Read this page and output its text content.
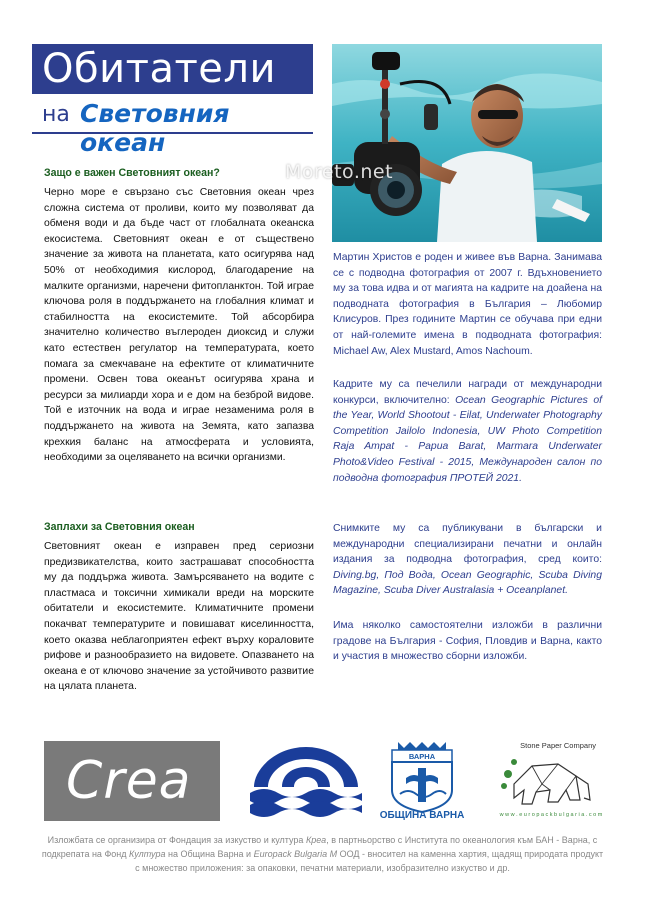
Обитатели
на Световния океан
Moreto.net
Защо е важен Световният океан?

Черно море е свързано със Световния океан чрез сложна система от проливи, които му позволяват да обменя води и да бъде част от глобалната океанска екосистема. Световният океан е от съществено значение за живота на планетата, като осигурява над 50% от необходимия кислород, благодарение на малките организми, наречени фитопланктон. Той играе ключова роля в поддържането на глобалния климат и стабилността на екосистемите. Той абсорбира значително количество въглероден диоксид и служи като естествен регулатор на температурата, което помага за смекчаване на ефектите от климатичните промени. Освен това океанът осигурява храна и ресурси за милиарди хора и е дом на безброй видове. Той е източник на вода и играе незаменима роля в поддържането на живота на Земята, като запазва крехкия баланс на атмосферата и условията, необходими за оцеляването на всички организми.

Заплахи за Световния океан

Световният океан е изправен пред сериозни предизвикателства, които застрашават способността му да поддържа живота. Замърсяването на водите с пластмаса и токсични химикали вреди на морските обитатели и екосистемите. Климатичните промени покачват температурите и повишават киселинността, което оказва неблагоприятен ефект върху кораловите рифове и разнообразието на видовете. Опазването на океана е от ключово значение за устойчивото развитие на цялата планета.

Мартин Христов е роден и живее във Варна. Занимава се с подводна фотография от 2007 г. Вдъхновението му за това идва и от магията на кадрите на доайена на подводната фотография в България – Любомир Клисуров. През годините Мартин се обучава при едни от най-големите имена в подводната фотография: Michael Aw, Alex Mustard, Amos Nachoum.

Кадрите му са печелили награди от международни конкурси, включително: Ocean Geographic Pictures of the Year, World Shootout - Eilat, Underwater Photography Competition Jailolo Indonesia, UW Photo Competition Raja Ampat - Papua Barat, Marmara Underwater Photo&Video Festival - 2015, Международен салон по подводна фотография ПРОТЕЙ 2021.

Снимките му са публикувани в български и международни специализирани печатни и онлайн издания за подводна фотография, сред които: Diving.bg, Под Вода, Ocean Geographic, Scuba Diving Magazine, Scuba Diver Australasia + Oceanplanet.

Има няколко самостоятелни изложби в различни градове на България - София, Пловдив и Варна, както и участия в множество сборни изложби.

Crea	ВАРНА
ОБЩИНА ВАРНА
Stone Paper Company
w w w . e u r o p a c k b u l g a r i a . c o m
Изложбата се организира от Фондация за изкуство и култура Креа, в партньорство с Института по океанология към БАН - Варна, с подкрепата на Фонд Култура на Община Варна и Europack Bulgaria M ООД - вносител на каменна хартия, щадящ природата продукт с множество приложения: за опаковки, печатни материали, изобразително изкуство и др.
